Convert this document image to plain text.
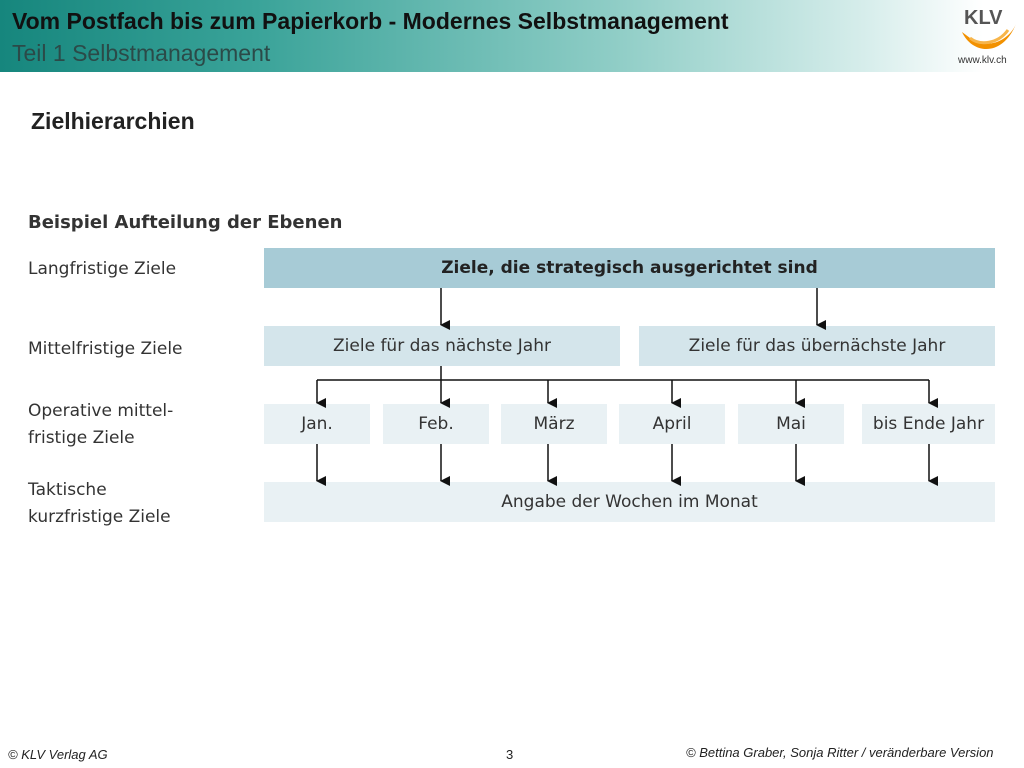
Vom Postfach bis zum Papierkorb - Modernes Selbstmanagement
Teil 1 Selbstmanagement
KLV
www.klv.ch
Zielhierarchien
Beispiel Aufteilung der Ebenen
Langfristige Ziele
Mittelfristige Ziele
Operative mittel-
fristige Ziele
Taktische
kurzfristige Ziele
Ziele, die strategisch ausgerichtet sind
Ziele für das nächste Jahr	Ziele für das übernächste Jahr
Jan.	Feb.	März	April	Mai	bis Ende Jahr
Angabe der Wochen im Monat
© KLV Verlag AG	3	© Bettina Graber, Sonja Ritter / veränderbare Version
